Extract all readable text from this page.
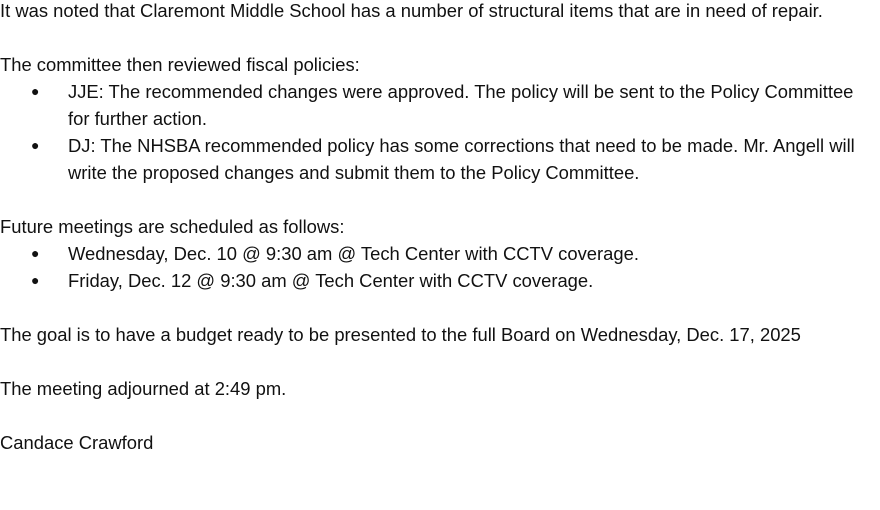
It was noted that Claremont Middle School has a number of structural items that are in need of repair.

The committee then reviewed fiscal policies:

● JJE: The recommended changes were approved. The policy will be sent to the Policy Committee for further action.
● DJ: The NHSBA recommended policy has some corrections that need to be made. Mr. Angell will write the proposed changes and submit them to the Policy Committee.

Future meetings are scheduled as follows:

● Wednesday, Dec. 10 @ 9:30 am @ Tech Center with CCTV coverage.
● Friday, Dec. 12 @ 9:30 am @ Tech Center with CCTV coverage.

The goal is to have a budget ready to be presented to the full Board on Wednesday, Dec. 17, 2025

The meeting adjourned at 2:49 pm.

Candace Crawford
